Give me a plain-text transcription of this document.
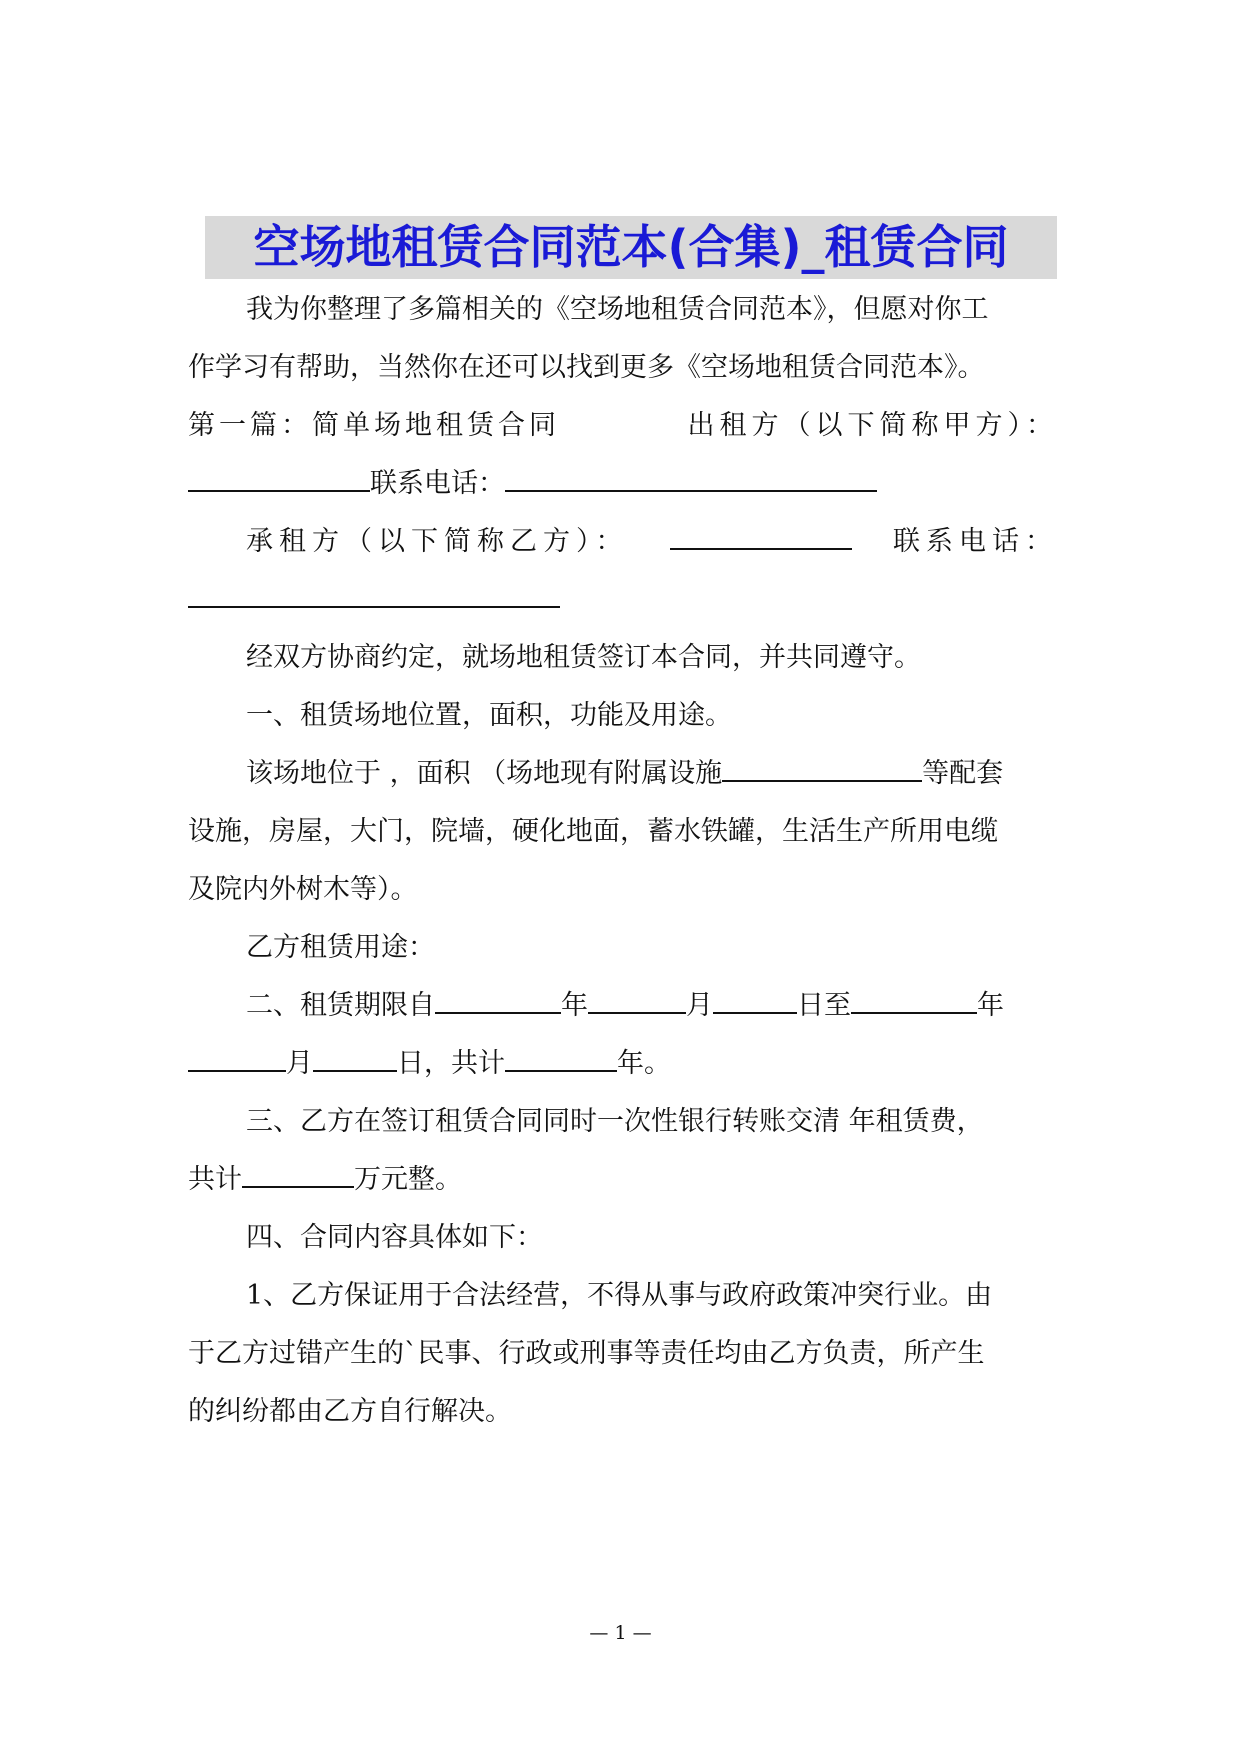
空场地租赁合同范本(合集)_租赁合同
我为你整理了多篇相关的《空场地租赁合同范本》，但愿对你工
作学习有帮助，当然你在还可以找到更多《空场地租赁合同范本》。
第一篇：简单场地租赁合同	出租方（以下简称甲方）：
联系电话：
承租方（以下简称乙方）：	联系电话：
经双方协商约定，就场地租赁签订本合同，并共同遵守。
一、租赁场地位置，面积，功能及用途。
该场地位于 ，面积 （场地现有附属设施	等配套
设施，房屋，大门，院墙，硬化地面，蓄水铁罐，生活生产所用电缆
及院内外树木等）。
乙方租赁用途：
二、租赁期限自	年	月	日至	年
月	日，共计	年。
三、乙方在签订租赁合同同时一次性银行转账交清 年租赁费，
共计	万元整。
四、合同内容具体如下：
1、乙方保证用于合法经营，不得从事与政府政策冲突行业。由
于乙方过错产生的`民事、行政或刑事等责任均由乙方负责，所产生
的纠纷都由乙方自行解决。
— 1 —
